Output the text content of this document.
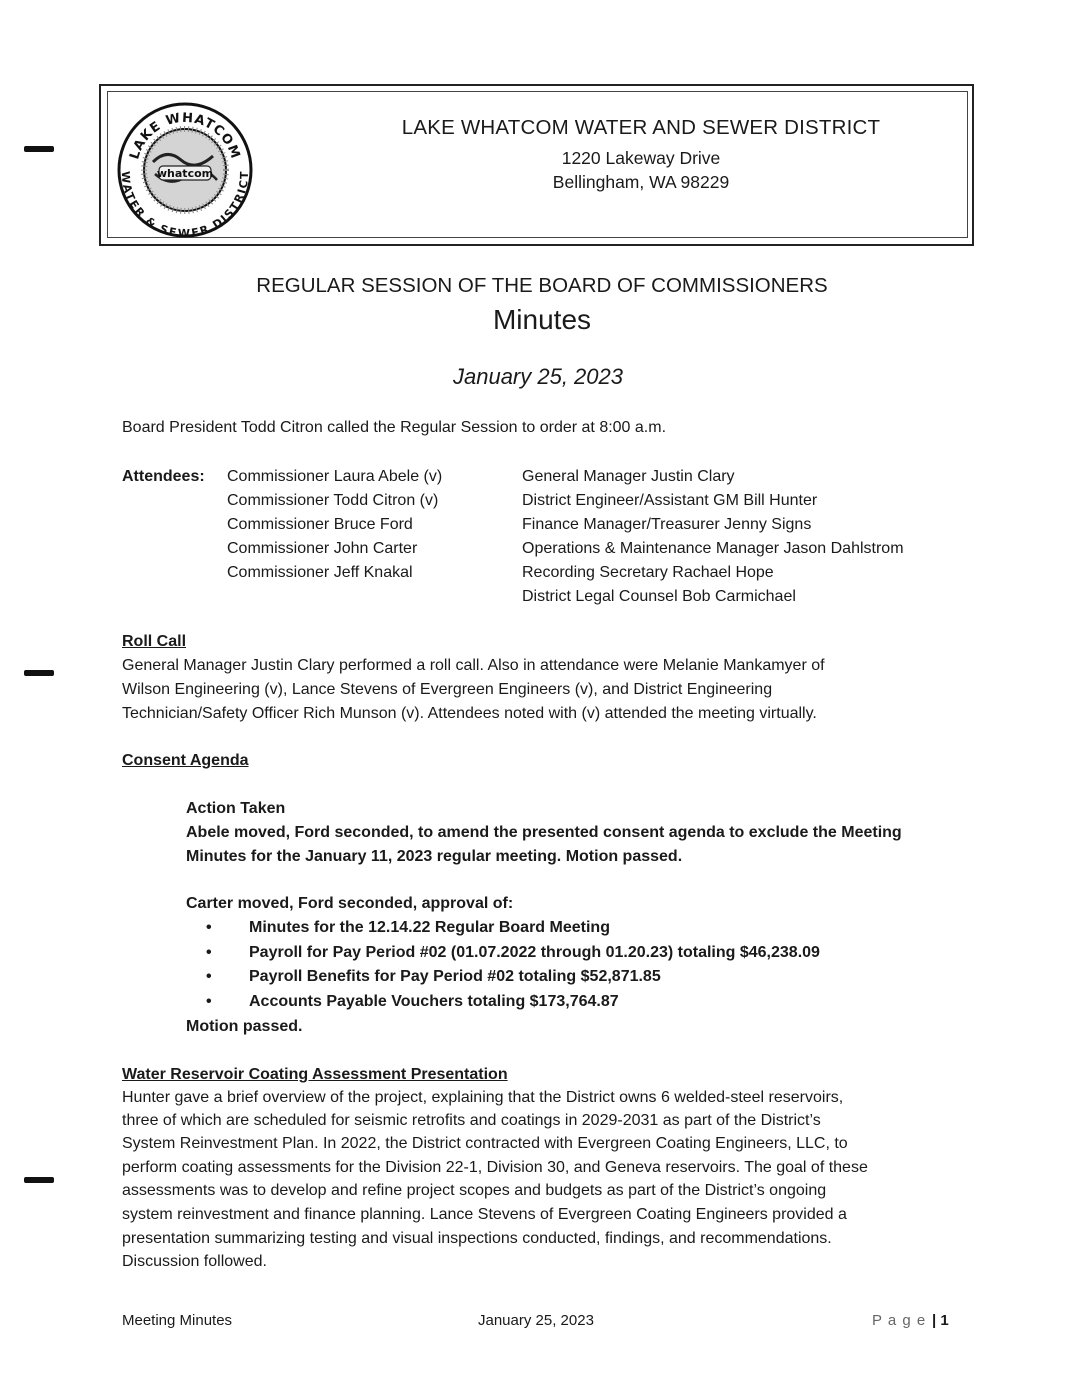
whatcom
LAKE WHATCOM
WATER & SEWER DISTRICT

LAKE WHATCOM WATER AND SEWER DISTRICT

1220 Lakeway Drive

Bellingham, WA 98229

REGULAR SESSION OF THE BOARD OF COMMISSIONERS

Minutes

January 25, 2023

Board President Todd Citron called the Regular Session to order at 8:00 a.m.

Attendees: Commissioner Laura Abele (v)
Commissioner Todd Citron (v)
Commissioner Bruce Ford
Commissioner John Carter
Commissioner Jeff Knakal
General Manager Justin Clary
District Engineer/Assistant GM Bill Hunter
Finance Manager/Treasurer Jenny Signs
Operations & Maintenance Manager Jason Dahlstrom
Recording Secretary Rachael Hope
District Legal Counsel Bob Carmichael

Roll Call

General Manager Justin Clary performed a roll call. Also in attendance were Melanie Mankamyer of

Wilson Engineering (v), Lance Stevens of Evergreen Engineers (v), and District Engineering

Technician/Safety Officer Rich Munson (v). Attendees noted with (v) attended the meeting virtually.

Consent Agenda

Action Taken

Abele moved, Ford seconded, to amend the presented consent agenda to exclude the Meeting

Minutes for the January 11, 2023 regular meeting. Motion passed.

Carter moved, Ford seconded, approval of:

• Minutes for the 12.14.22 Regular Board Meeting
• Payroll for Pay Period #02 (01.07.2022 through 01.20.23) totaling $46,238.09
• Payroll Benefits for Pay Period #02 totaling $52,871.85
• Accounts Payable Vouchers totaling $173,764.87

Motion passed.

Water Reservoir Coating Assessment Presentation

Hunter gave a brief overview of the project, explaining that the District owns 6 welded-steel reservoirs,

three of which are scheduled for seismic retrofits and coatings in 2029-2031 as part of the District’s

System Reinvestment Plan. In 2022, the District contracted with Evergreen Coating Engineers, LLC, to

perform coating assessments for the Division 22-1, Division 30, and Geneva reservoirs. The goal of these

assessments was to develop and refine project scopes and budgets as part of the District’s ongoing

system reinvestment and finance planning. Lance Stevens of Evergreen Coating Engineers provided a

presentation summarizing testing and visual inspections conducted, findings, and recommendations.

Discussion followed.

Meeting Minutes	January 25, 2023	P a g e | 1
